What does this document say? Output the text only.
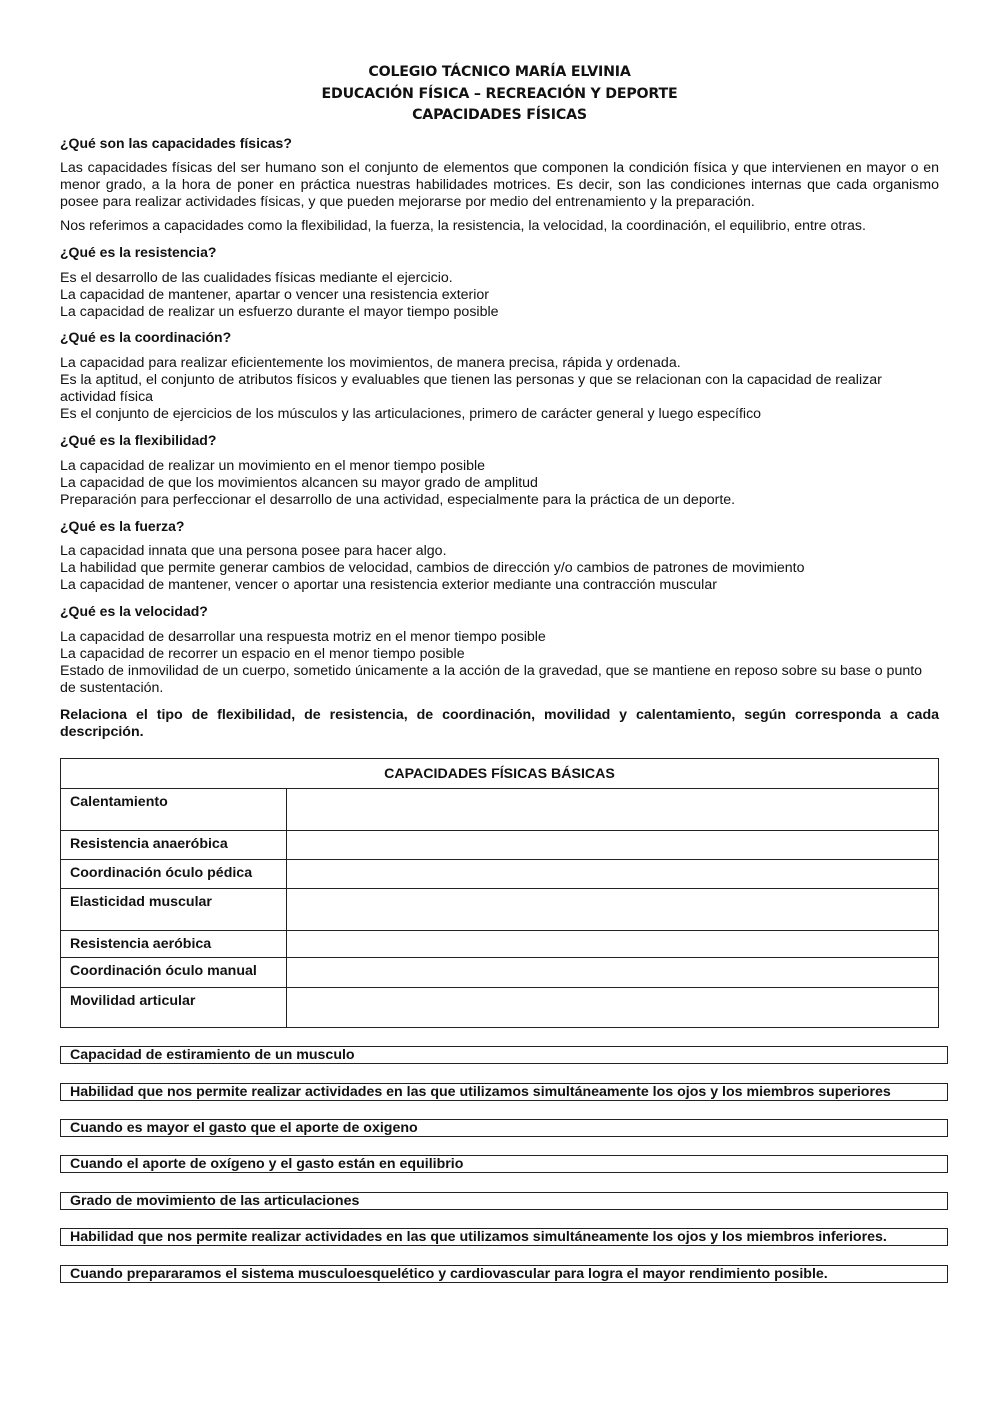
COLEGIO TÁCNICO MARÍA ELVINIA
EDUCACIÓN FÍSICA – RECREACIÓN Y DEPORTE
CAPACIDADES FÍSICAS

¿Qué son las capacidades físicas?

Las capacidades físicas del ser humano son el conjunto de elementos que componen la condición física y que intervienen en mayor o en menor grado, a la hora de poner en práctica nuestras habilidades motrices. Es decir, son las condiciones internas que cada organismo posee para realizar actividades físicas, y que pueden mejorarse por medio del entrenamiento y la preparación.

Nos referimos a capacidades como la flexibilidad, la fuerza, la resistencia, la velocidad, la coordinación, el equilibrio, entre otras.

¿Qué es la resistencia?

Es el desarrollo de las cualidades físicas mediante el ejercicio.

La capacidad de mantener, apartar o vencer una resistencia exterior

La capacidad de realizar un esfuerzo durante el mayor tiempo posible

¿Qué es la coordinación?

La capacidad para realizar eficientemente los movimientos, de manera precisa, rápida y ordenada.

Es la aptitud, el conjunto de atributos físicos y evaluables que tienen las personas y que se relacionan con la capacidad de realizar actividad física

Es el conjunto de ejercicios de los músculos y las articulaciones, primero de carácter general y luego específico

¿Qué es la flexibilidad?

La capacidad de realizar un movimiento en el menor tiempo posible

La capacidad de que los movimientos alcancen su mayor grado de amplitud

Preparación para perfeccionar el desarrollo de una actividad, especialmente para la práctica de un deporte.

¿Qué es la fuerza?

La capacidad innata que una persona posee para hacer algo.

La habilidad que permite generar cambios de velocidad, cambios de dirección y/o cambios de patrones de movimiento

La capacidad de mantener, vencer o aportar una resistencia exterior mediante una contracción muscular

¿Qué es la velocidad?

La capacidad de desarrollar una respuesta motriz en el menor tiempo posible

La capacidad de recorrer un espacio en el menor tiempo posible

Estado de inmovilidad de un cuerpo, sometido únicamente a la acción de la gravedad, que se mantiene en reposo sobre su base o punto de sustentación.

Relaciona el tipo de flexibilidad, de resistencia, de coordinación, movilidad y calentamiento, según corresponda a cada descripción.

CAPACIDADES FÍSICAS BÁSICAS	
Calentamiento	
Resistencia anaeróbica	
Coordinación óculo pédica	
Elasticidad muscular	
Resistencia aeróbica	
Coordinación óculo manual	
Movilidad articular	
Capacidad de estiramiento de un musculo
Habilidad que nos permite realizar actividades en las que utilizamos simultáneamente los ojos y los miembros superiores
Cuando es mayor el gasto que el aporte de oxigeno
Cuando el aporte de oxígeno y el gasto están en equilibrio
Grado de movimiento de las articulaciones
Habilidad que nos permite realizar actividades en las que utilizamos simultáneamente los ojos y los miembros inferiores.
Cuando prepararamos el sistema musculoesquelético y cardiovascular para logra el mayor rendimiento posible.
